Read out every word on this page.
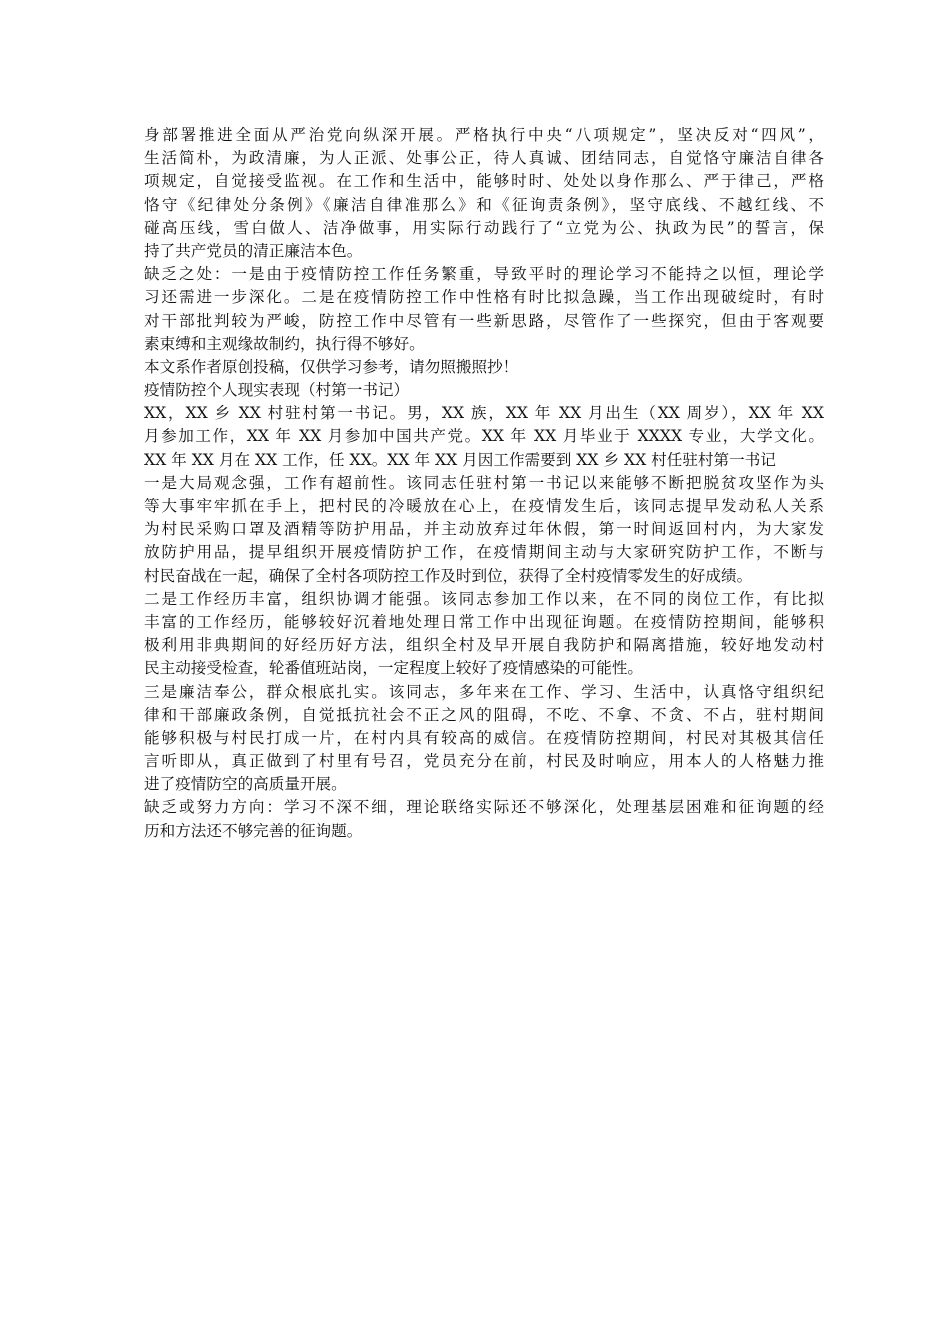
身部署推进全面从严治党向纵深开展。严格执行中央“八项规定”，坚决反对“四风”，
生活简朴，为政清廉，为人正派、处事公正，待人真诚、团结同志，自觉恪守廉洁自律各
项规定，自觉接受监视。在工作和生活中，能够时时、处处以身作那么、严于律己，严格
恪守《纪律处分条例》《廉洁自律准那么》和《征询责条例》，坚守底线、不越红线、不
碰高压线，雪白做人、洁净做事，用实际行动践行了“立党为公、执政为民”的誓言，保
持了共产党员的清正廉洁本色。
缺乏之处：一是由于疫情防控工作任务繁重，导致平时的理论学习不能持之以恒，理论学
习还需进一步深化。二是在疫情防控工作中性格有时比拟急躁，当工作出现破绽时，有时
对干部批判较为严峻，防控工作中尽管有一些新思路，尽管作了一些探究，但由于客观要
素束缚和主观缘故制约，执行得不够好。
本文系作者原创投稿，仅供学习参考，请勿照搬照抄！
疫情防控个人现实表现（村第一书记）
XX，XX 乡 XX 村驻村第一书记。男，XX 族，XX 年 XX 月出生（XX 周岁），XX 年 XX
月参加工作，XX 年 XX 月参加中国共产党。XX 年 XX 月毕业于 XXXX 专业，大学文化。
XX 年 XX 月在 XX 工作，任 XX。XX 年 XX 月因工作需要到 XX 乡 XX 村任驻村第一书记
一是大局观念强，工作有超前性。该同志任驻村第一书记以来能够不断把脱贫攻坚作为头
等大事牢牢抓在手上，把村民的冷暖放在心上，在疫情发生后，该同志提早发动私人关系
为村民采购口罩及酒精等防护用品，并主动放弃过年休假，第一时间返回村内，为大家发
放防护用品，提早组织开展疫情防护工作，在疫情期间主动与大家研究防护工作，不断与
村民奋战在一起，确保了全村各项防控工作及时到位，获得了全村疫情零发生的好成绩。
二是工作经历丰富，组织协调才能强。该同志参加工作以来，在不同的岗位工作，有比拟
丰富的工作经历，能够较好沉着地处理日常工作中出现征询题。在疫情防控期间，能够积
极利用非典期间的好经历好方法，组织全村及早开展自我防护和隔离措施，较好地发动村
民主动接受检查，轮番值班站岗，一定程度上较好了疫情感染的可能性。
三是廉洁奉公，群众根底扎实。该同志，多年来在工作、学习、生活中，认真恪守组织纪
律和干部廉政条例，自觉抵抗社会不正之风的阻碍，不吃、不拿、不贪、不占，驻村期间
能够积极与村民打成一片，在村内具有较高的威信。在疫情防控期间，村民对其极其信任
言听即从，真正做到了村里有号召，党员充分在前，村民及时响应，用本人的人格魅力推
进了疫情防空的高质量开展。
缺乏或努力方向：学习不深不细，理论联络实际还不够深化，处理基层困难和征询题的经
历和方法还不够完善的征询题。
